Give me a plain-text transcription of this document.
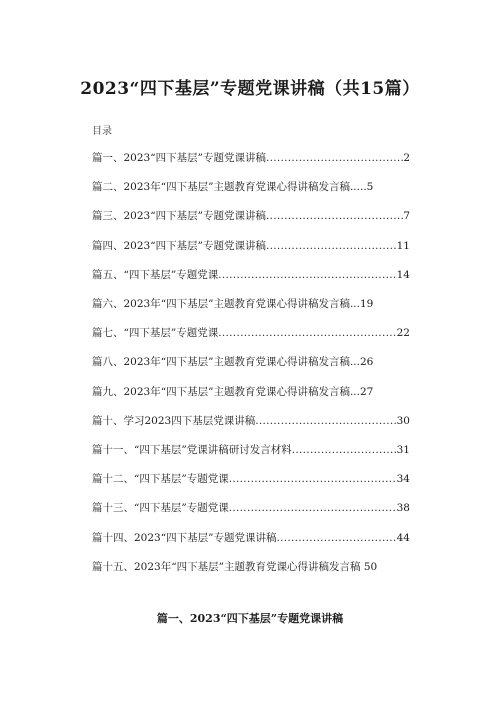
2023“四下基层”专题党课讲稿（共15篇）
目录
篇一、2023“四下基层”专题党课讲稿 .....	2
篇二、2023年“四下基层”主题教育党课心得讲稿发言稿.....5
篇三、2023“四下基层”专题党课讲稿 .....	7
篇四、2023“四下基层”专题党课讲稿 .....	11
篇五、“四下基层”专题党课 .....	14
篇六、2023年“四下基层”主题教育党课心得讲稿发言稿...19
篇七、“四下基层”专题党课 .....	22
篇八、2023年“四下基层”主题教育党课心得讲稿发言稿...26
篇九、2023年“四下基层”主题教育党课心得讲稿发言稿...27
篇十、学习2023四下基层党课讲稿 .....	30
篇十一、“四下基层”党课讲稿研讨发言材料 .....	31
篇十二、“四下基层”专题党课 .....	34
篇十三、“四下基层”专题党课 .....	38
篇十四、2023“四下基层”专题党课讲稿 .....	44
篇十五、2023年“四下基层”主题教育党课心得讲稿发言稿 50
篇一、2023“四下基层”专题党课讲稿
